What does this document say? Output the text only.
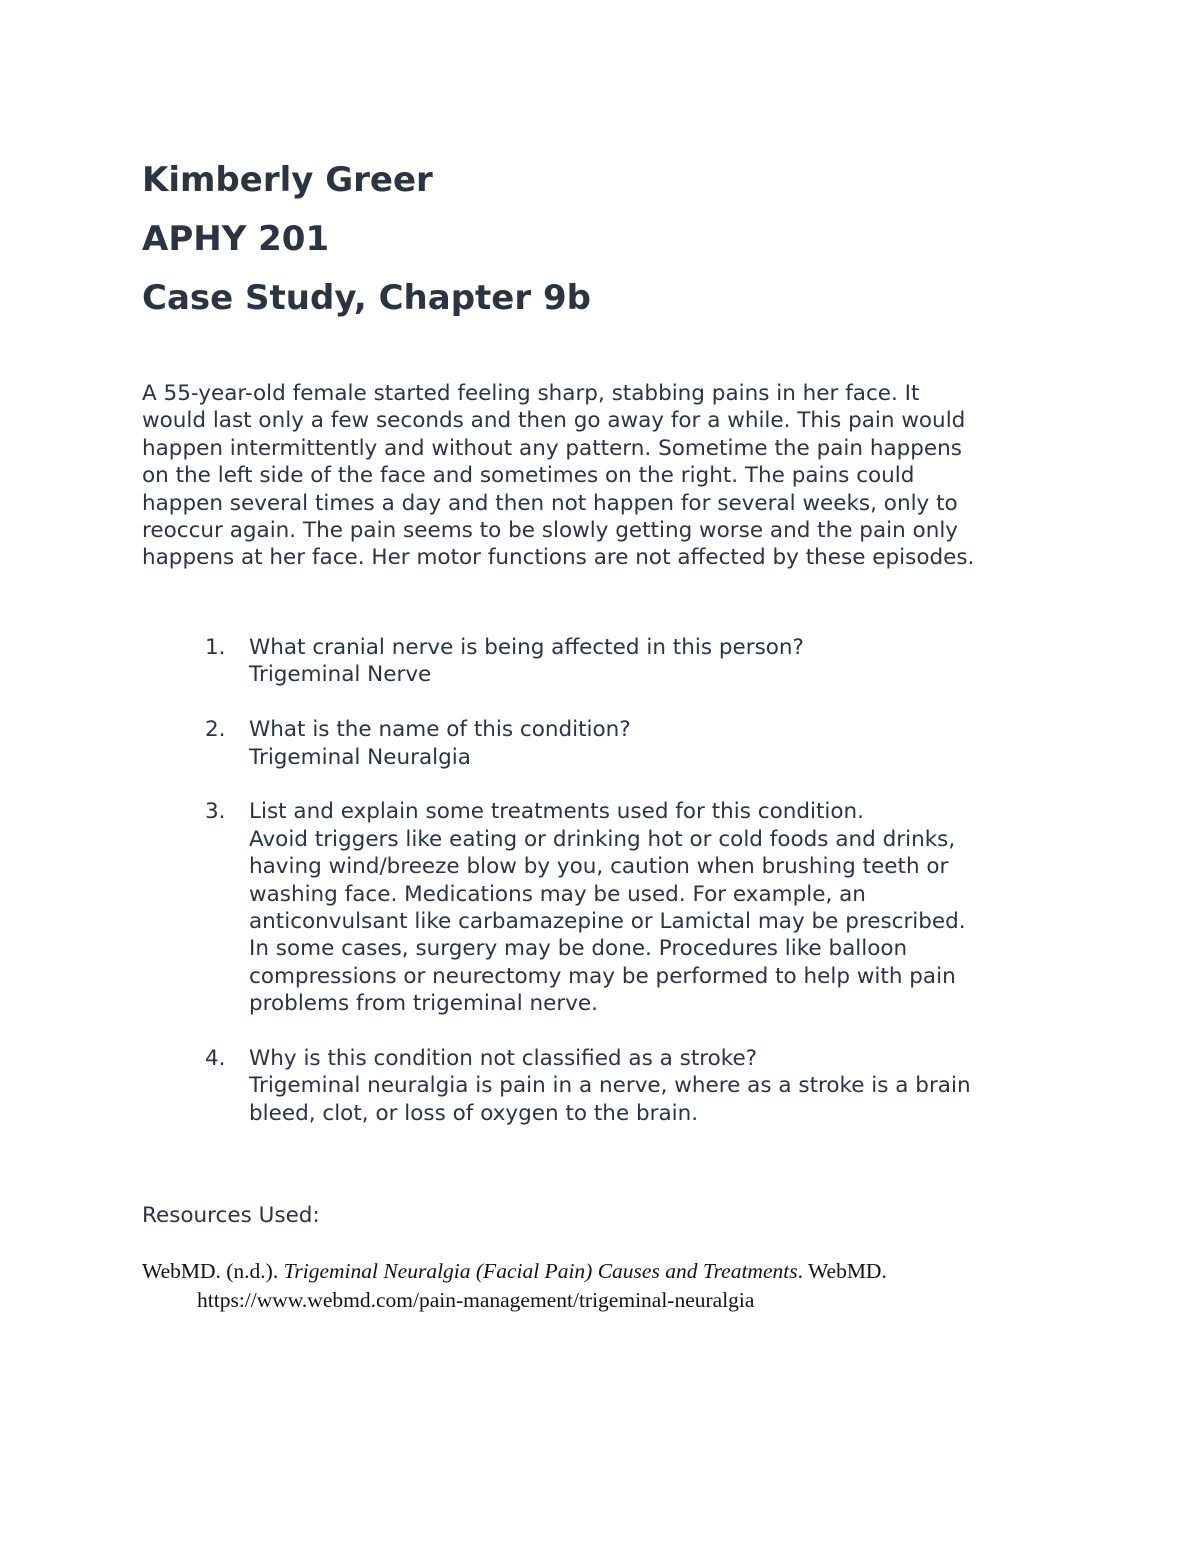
Kimberly Greer
APHY 201
Case Study, Chapter 9b

A 55-year-old female started feeling sharp, stabbing pains in her face. It
would last only a few seconds and then go away for a while. This pain would
happen intermittently and without any pattern. Sometime the pain happens
on the left side of the face and sometimes on the right. The pains could
happen several times a day and then not happen for several weeks, only to
reoccur again. The pain seems to be slowly getting worse and the pain only
happens at her face. Her motor functions are not affected by these episodes.

1.	What cranial nerve is being affected in this person?
Trigeminal Nerve
2.	What is the name of this condition?
Trigeminal Neuralgia
3.	List and explain some treatments used for this condition.
Avoid triggers like eating or drinking hot or cold foods and drinks,
having wind/breeze blow by you, caution when brushing teeth or
washing face. Medications may be used. For example, an
anticonvulsant like carbamazepine or Lamictal may be prescribed.
In some cases, surgery may be done. Procedures like balloon
compressions or neurectomy may be performed to help with pain
problems from trigeminal nerve.
4.	Why is this condition not classified as a stroke?
Trigeminal neuralgia is pain in a nerve, where as a stroke is a brain
bleed, clot, or loss of oxygen to the brain.

Resources Used:

WebMD. (n.d.). Trigeminal Neuralgia (Facial Pain) Causes and Treatments. WebMD.
https://www.webmd.com/pain-management/trigeminal-neuralgia
